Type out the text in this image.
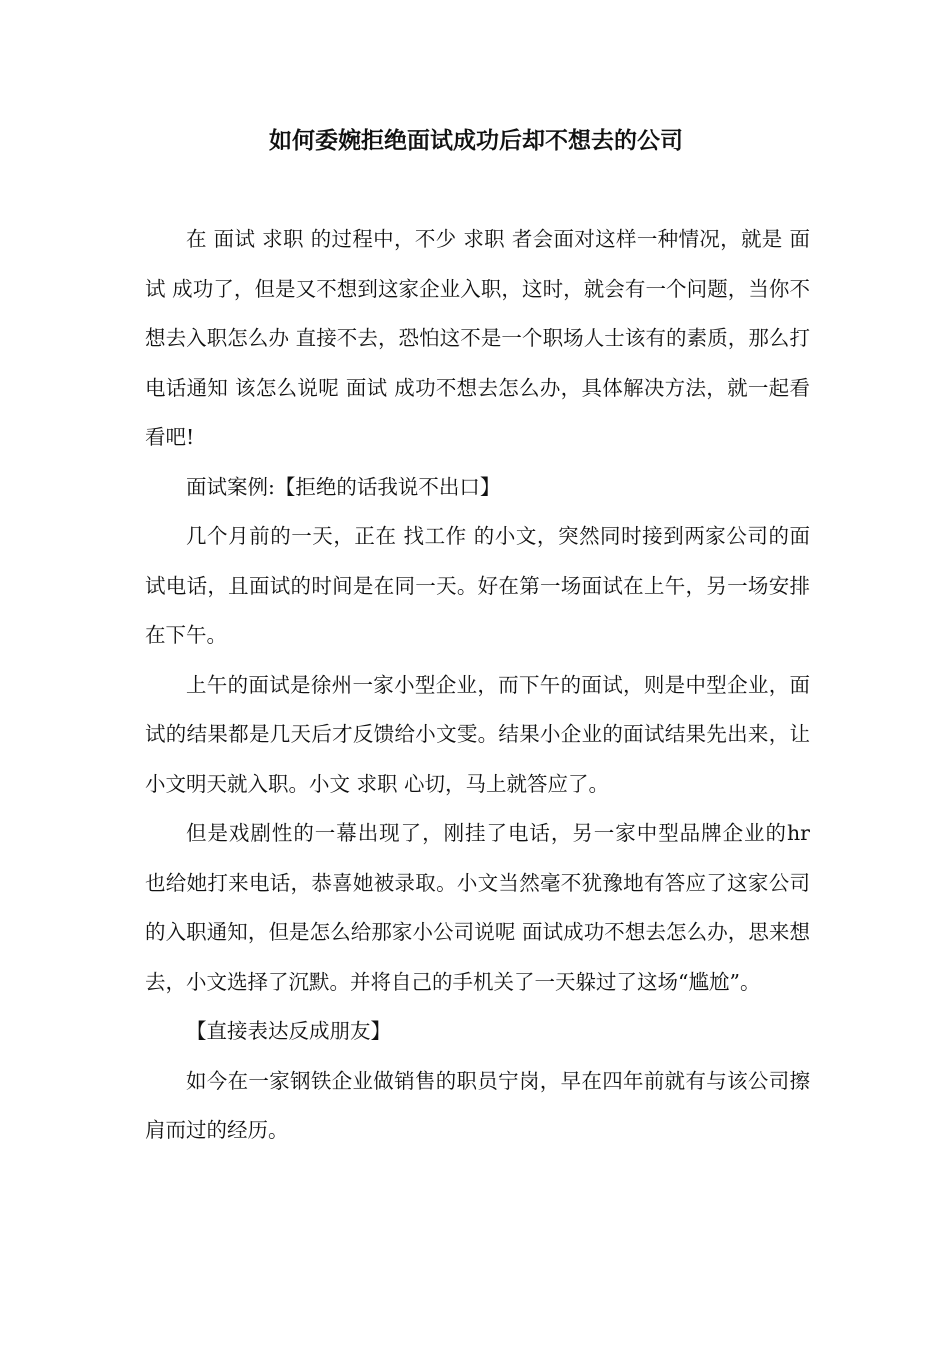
如何委婉拒绝面试成功后却不想去的公司

在 面试 求职 的过程中，不少 求职 者会面对这样一种情况，就是 面试 成功了，但是又不想到这家企业入职，这时，就会有一个问题，当你不想去入职怎么办 直接不去，恐怕这不是一个职场人士该有的素质，那么打电话通知 该怎么说呢 面试 成功不想去怎么办，具体解决方法，就一起看看吧!

面试案例:【拒绝的话我说不出口】

几个月前的一天，正在 找工作 的小文，突然同时接到两家公司的面试电话，且面试的时间是在同一天。好在第一场面试在上午，另一场安排在下午。

上午的面试是徐州一家小型企业，而下午的面试，则是中型企业，面试的结果都是几天后才反馈给小文雯。结果小企业的面试结果先出来，让小文明天就入职。小文 求职 心切，马上就答应了。

但是戏剧性的一幕出现了，刚挂了电话，另一家中型品牌企业的hr 也给她打来电话，恭喜她被录取。小文当然毫不犹豫地有答应了这家公司的入职通知，但是怎么给那家小公司说呢 面试成功不想去怎么办，思来想去，小文选择了沉默。并将自己的手机关了一天躲过了这场“尴尬”。

【直接表达反成朋友】

如今在一家钢铁企业做销售的职员宁岗，早在四年前就有与该公司擦肩而过的经历。
